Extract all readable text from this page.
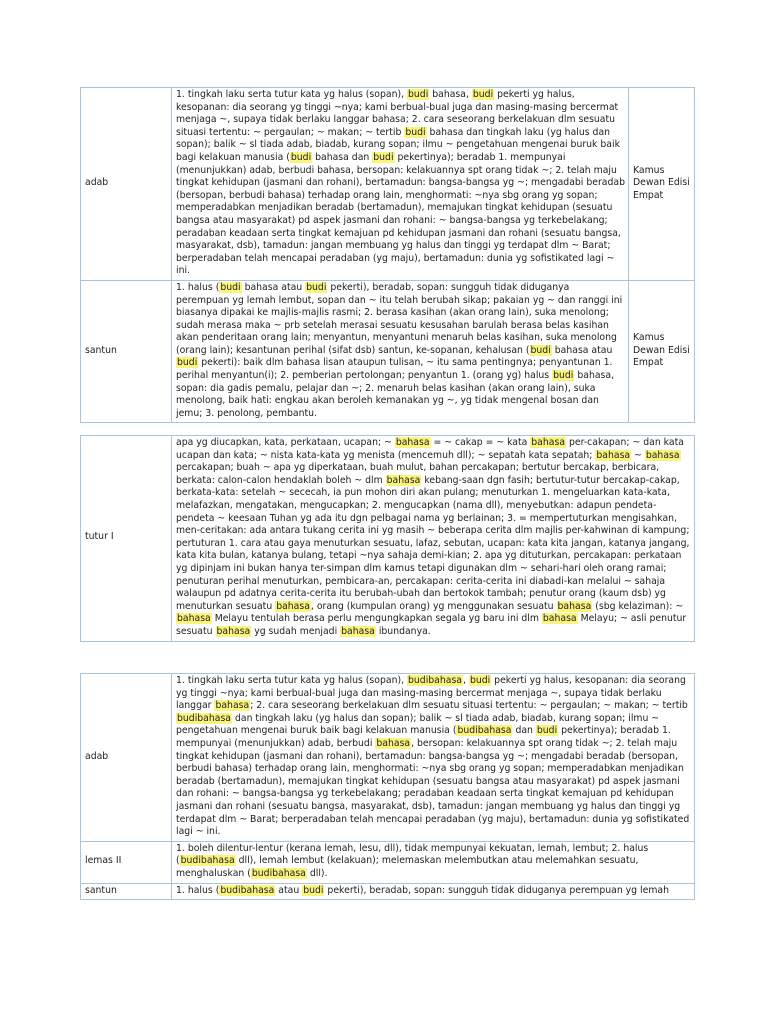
adab	1. tingkah laku serta tutur kata yg halus (sopan), budi bahasa, budi pekerti yg halus, kesopanan: dia seorang yg tinggi ~nya; kami berbual-bual juga dan masing-masing bercermat menjaga ~, supaya tidak berlaku langgar bahasa; 2. cara seseorang berkelakuan dlm sesuatu situasi tertentu: ~ pergaulan; ~ makan; ~ tertib budi bahasa dan tingkah laku (yg halus dan sopan); balik ~ sl tiada adab, biadab, kurang sopan; ilmu ~ pengetahuan mengenai buruk baik bagi kelakuan manusia (budi bahasa dan budi pekertinya); beradab 1. mempunyai (menunjukkan) adab, berbudi bahasa, bersopan: kelakuannya spt orang tidak ~; 2. telah maju tingkat kehidupan (jasmani dan rohani), bertamadun: bangsa-bangsa yg ~; mengadabi beradab (bersopan, berbudi bahasa) terhadap orang lain, menghormati: ~nya sbg orang yg sopan; memperadabkan menjadikan beradab (bertamadun), memajukan tingkat kehidupan (sesuatu bangsa atau masyarakat) pd aspek jasmani dan rohani: ~ bangsa-bangsa yg terkebelakang; peradaban keadaan serta tingkat kemajuan pd kehidupan jasmani dan rohani (sesuatu bangsa, masyarakat, dsb), tamadun: jangan membuang yg halus dan tinggi yg terdapat dlm ~ Barat; berperadaban telah mencapai peradaban (yg maju), bertamadun: dunia yg sofistikated lagi ~ ini.	Kamus Dewan Edisi Empat
santun	1. halus (budi bahasa atau budi pekerti), beradab, sopan: sungguh tidak diduganya perempuan yg lemah lembut, sopan dan ~ itu telah berubah sikap; pakaian yg ~ dan ranggi ini biasanya dipakai ke majlis-majlis rasmi; 2. berasa kasihan (akan orang lain), suka menolong; sudah merasa maka ~ prb setelah merasai sesuatu kesusahan barulah berasa belas kasihan akan penderitaan orang lain; menyantun, menyantuni menaruh belas kasihan, suka menolong (orang lain); kesantunan perihal (sifat dsb) santun, ke-sopanan, kehalusan (budi bahasa atau budi pekerti): baik dlm bahasa lisan ataupun tulisan, ~ itu sama pentingnya; penyantunan 1. perihal menyantun(i); 2. pemberian pertolongan; penyantun 1. (orang yg) halus budi bahasa, sopan: dia gadis pemalu, pelajar dan ~; 2. menaruh belas kasihan (akan orang lain), suka menolong, baik hati: engkau akan beroleh kemanakan yg ~, yg tidak mengenal bosan dan jemu; 3. penolong, pembantu.	Kamus Dewan Edisi Empat
tutur I	apa yg diucapkan, kata, perkataan, ucapan; ~ bahasa = ~ cakap = ~ kata bahasa per-cakapan; ~ dan kata ucapan dan kata; ~ nista kata-kata yg menista (mencemuh dll); ~ sepatah kata sepatah; bahasa ~ bahasa percakapan; buah ~ apa yg diperkataan, buah mulut, bahan percakapan; bertutur bercakap, berbicara, berkata: calon-calon hendaklah boleh ~ dlm bahasa kebang-saan dgn fasih; bertutur-tutur bercakap-cakap, berkata-kata: setelah ~ sececah, ia pun mohon diri akan pulang; menuturkan 1. mengeluarkan kata-kata, melafazkan, mengatakan, mengucapkan; 2. mengucapkan (nama dll), menyebutkan: adapun pendeta-pendeta ~ keesaan Tuhan yg ada itu dgn pelbagai nama yg berlainan; 3. = mempertuturkan mengisahkan, men-ceritakan: ada antara tukang cerita ini yg masih ~ beberapa cerita dlm majlis per-kahwinan di kampung; pertuturan 1. cara atau gaya menuturkan sesuatu, lafaz, sebutan, ucapan: kata kita jangan, katanya jangang, kata kita bulan, katanya bulang, tetapi ~nya sahaja demi-kian; 2. apa yg dituturkan, percakapan: perkataan yg dipinjam ini bukan hanya ter-simpan dlm kamus tetapi digunakan dlm ~ sehari-hari oleh orang ramai; penuturan perihal menuturkan, pembicara-an, percakapan: cerita-cerita ini diabadi-kan melalui ~ sahaja walaupun pd adatnya cerita-cerita itu berubah-ubah dan bertokok tambah; penutur orang (kaum dsb) yg menuturkan sesuatu bahasa, orang (kumpulan orang) yg menggunakan sesuatu bahasa (sbg kelaziman): ~ bahasa Melayu tentulah berasa perlu mengungkapkan segala yg baru ini dlm bahasa Melayu; ~ asli penutur sesuatu bahasa yg sudah menjadi bahasa ibundanya.
adab	1. tingkah laku serta tutur kata yg halus (sopan), budibahasa, budi pekerti yg halus, kesopanan: dia seorang yg tinggi ~nya; kami berbual-bual juga dan masing-masing bercermat menjaga ~, supaya tidak berlaku langgar bahasa; 2. cara seseorang berkelakuan dlm sesuatu situasi tertentu: ~ pergaulan; ~ makan; ~ tertib budibahasa dan tingkah laku (yg halus dan sopan); balik ~ sl tiada adab, biadab, kurang sopan; ilmu ~ pengetahuan mengenai buruk baik bagi kelakuan manusia (budibahasa dan budi pekertinya); beradab 1. mempunyai (menunjukkan) adab, berbudi bahasa, bersopan: kelakuannya spt orang tidak ~; 2. telah maju tingkat kehidupan (jasmani dan rohani), bertamadun: bangsa-bangsa yg ~; mengadabi beradab (bersopan, berbudi bahasa) terhadap orang lain, menghormati: ~nya sbg orang yg sopan; memperadabkan menjadikan beradab (bertamadun), memajukan tingkat kehidupan (sesuatu bangsa atau masyarakat) pd aspek jasmani dan rohani: ~ bangsa-bangsa yg terkebelakang; peradaban keadaan serta tingkat kemajuan pd kehidupan jasmani dan rohani (sesuatu bangsa, masyarakat, dsb), tamadun: jangan membuang yg halus dan tinggi yg terdapat dlm ~ Barat; berperadaban telah mencapai peradaban (yg maju), bertamadun: dunia yg sofistikated lagi ~ ini.
lemas II	1. boleh dilentur-lentur (kerana lemah, lesu, dll), tidak mempunyai kekuatan, lemah, lembut; 2. halus (budibahasa dll), lemah lembut (kelakuan); melemaskan melembutkan atau melemahkan sesuatu, menghaluskan (budibahasa dll).
santun	1. halus (budibahasa atau budi pekerti), beradab, sopan: sungguh tidak diduganya perempuan yg lemah
